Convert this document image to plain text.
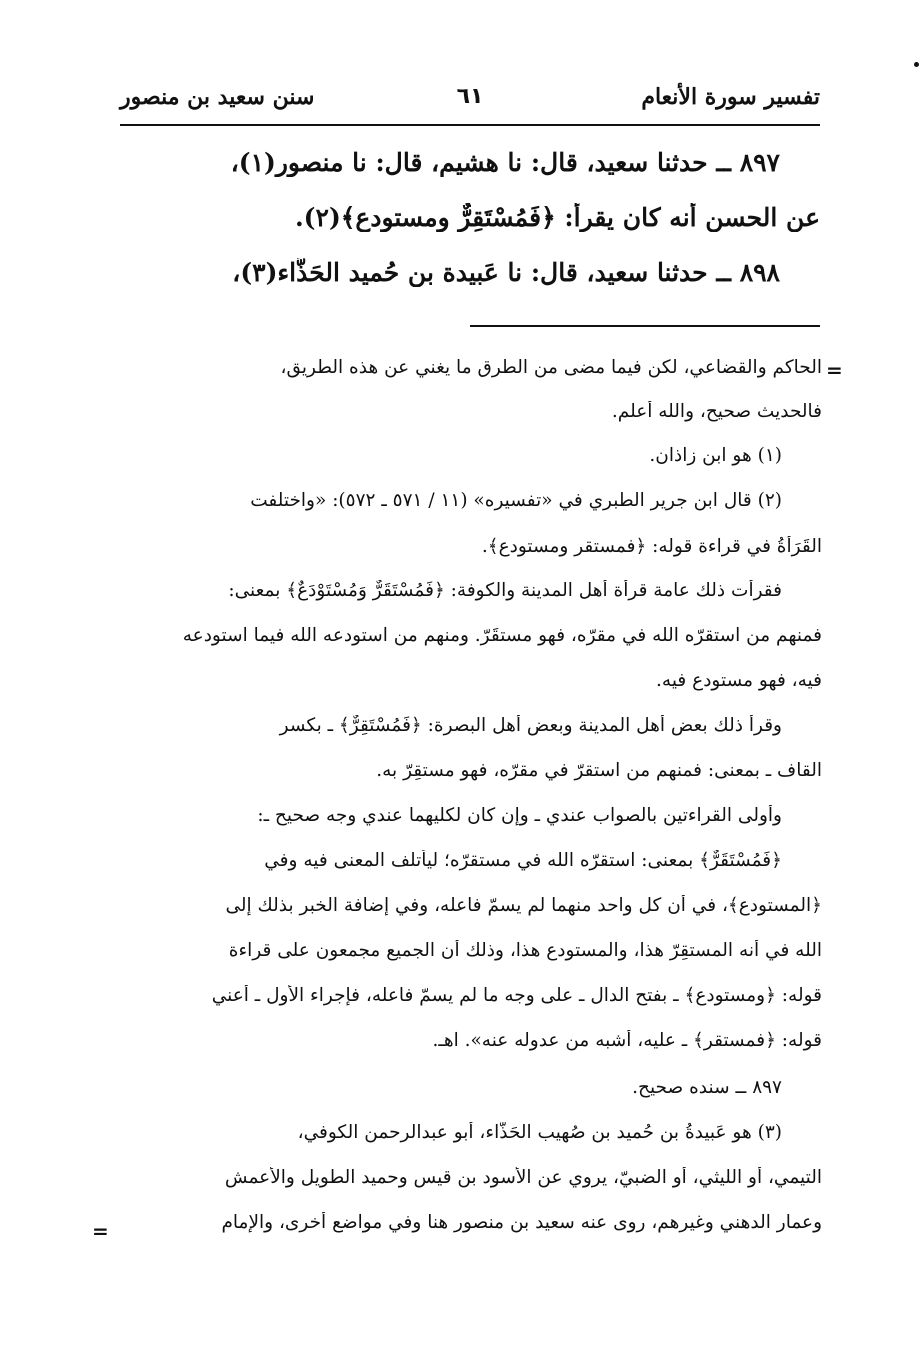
تفسير سورة الأنعام
٦١
سنن سعيد بن منصور
٨٩٧ ــ حدثنا سعيد، قال: نا هشيم، قال: نا منصور(١)،
عن الحسن أنه كان يقرأ: ﴿فَمُسْتَقِرٌّ ومستودع﴾(٢).
٨٩٨ ــ حدثنا سعيد، قال: نا عَبيدة بن حُميد الحَذَّاء(٣)،
=
=
الحاكم والقضاعي، لكن فيما مضى من الطرق ما يغني عن هذه الطريق،
فالحديث صحيح، والله أعلم.
(١) هو ابن زاذان.
(٢) قال ابن جرير الطبري في «تفسيره» (١١ / ٥٧١ ـ ٥٧٢): «واختلفت
القَرَأَةُ في قراءة قوله: ﴿فمستقر ومستودع﴾.
فقرأت ذلك عامة قرأة أهل المدينة والكوفة: ﴿فَمُسْتَقَرٌّ وَمُسْتَوْدَعٌ﴾ بمعنى:
فمنهم من استقرّه الله في مقرّه، فهو مستقَرّ. ومنهم من استودعه الله فيما استودعه
فيه، فهو مستودع فيه.
وقرأ ذلك بعض أهل المدينة وبعض أهل البصرة: ﴿فَمُسْتَقِرٌّ﴾ ـ بكسر
القاف ـ بمعنى: فمنهم من استقرّ في مقرّه، فهو مستقِرّ به.
وأولى القراءتين بالصواب عندي ـ وإن كان لكليهما عندي وجه صحيح ـ:
﴿فَمُسْتَقَرٌّ﴾ بمعنى: استقرّه الله في مستقرّه؛ ليأتلف المعنى فيه وفي
﴿المستودع﴾، في أن كل واحد منهما لم يسمّ فاعله، وفي إضافة الخبر بذلك إلى
الله في أنه المستقِرّ هذا، والمستودع هذا، وذلك أن الجميع مجمعون على قراءة
قوله: ﴿ومستودع﴾ ـ بفتح الدال ـ على وجه ما لم يسمّ فاعله، فإجراء الأول ـ أعني
قوله: ﴿فمستقر﴾ ـ عليه، أشبه من عدوله عنه». اهـ.
٨٩٧ ــ سنده صحيح.
(٣) هو عَبيدةُ بن حُميد بن صُهيب الحَذَّاء، أبو عبدالرحمن الكوفي،
التيمي، أو الليثي، أو الضبيّ، يروي عن الأسود بن قيس وحميد الطويل والأعمش
وعمار الدهني وغيرهم، روى عنه سعيد بن منصور هنا وفي مواضع أخرى، والإمام
